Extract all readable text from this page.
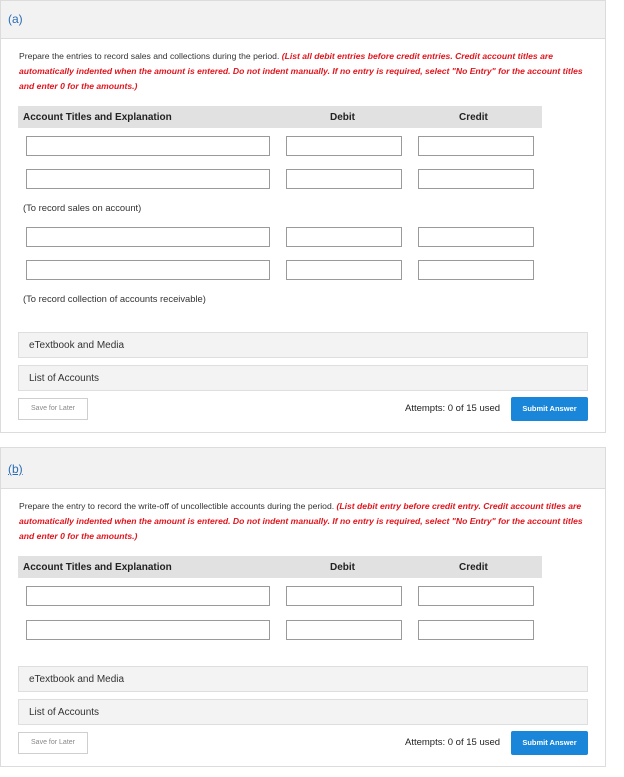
(a)
Prepare the entries to record sales and collections during the period. (List all debit entries before credit entries. Credit account titles are automatically indented when the amount is entered. Do not indent manually. If no entry is required, select "No Entry" for the account titles and enter 0 for the amounts.)
Account Titles and Explanation	Debit	Credit
(To record sales on account)
(To record collection of accounts receivable)
eTextbook and Media
List of Accounts
Save for Later	Attempts: 0 of 15 used	Submit Answer
(b)
Prepare the entry to record the write-off of uncollectible accounts during the period. (List debit entry before credit entry. Credit account titles are automatically indented when the amount is entered. Do not indent manually. If no entry is required, select "No Entry" for the account titles and enter 0 for the amounts.)
Account Titles and Explanation	Debit	Credit
eTextbook and Media
List of Accounts
Save for Later	Attempts: 0 of 15 used	Submit Answer
